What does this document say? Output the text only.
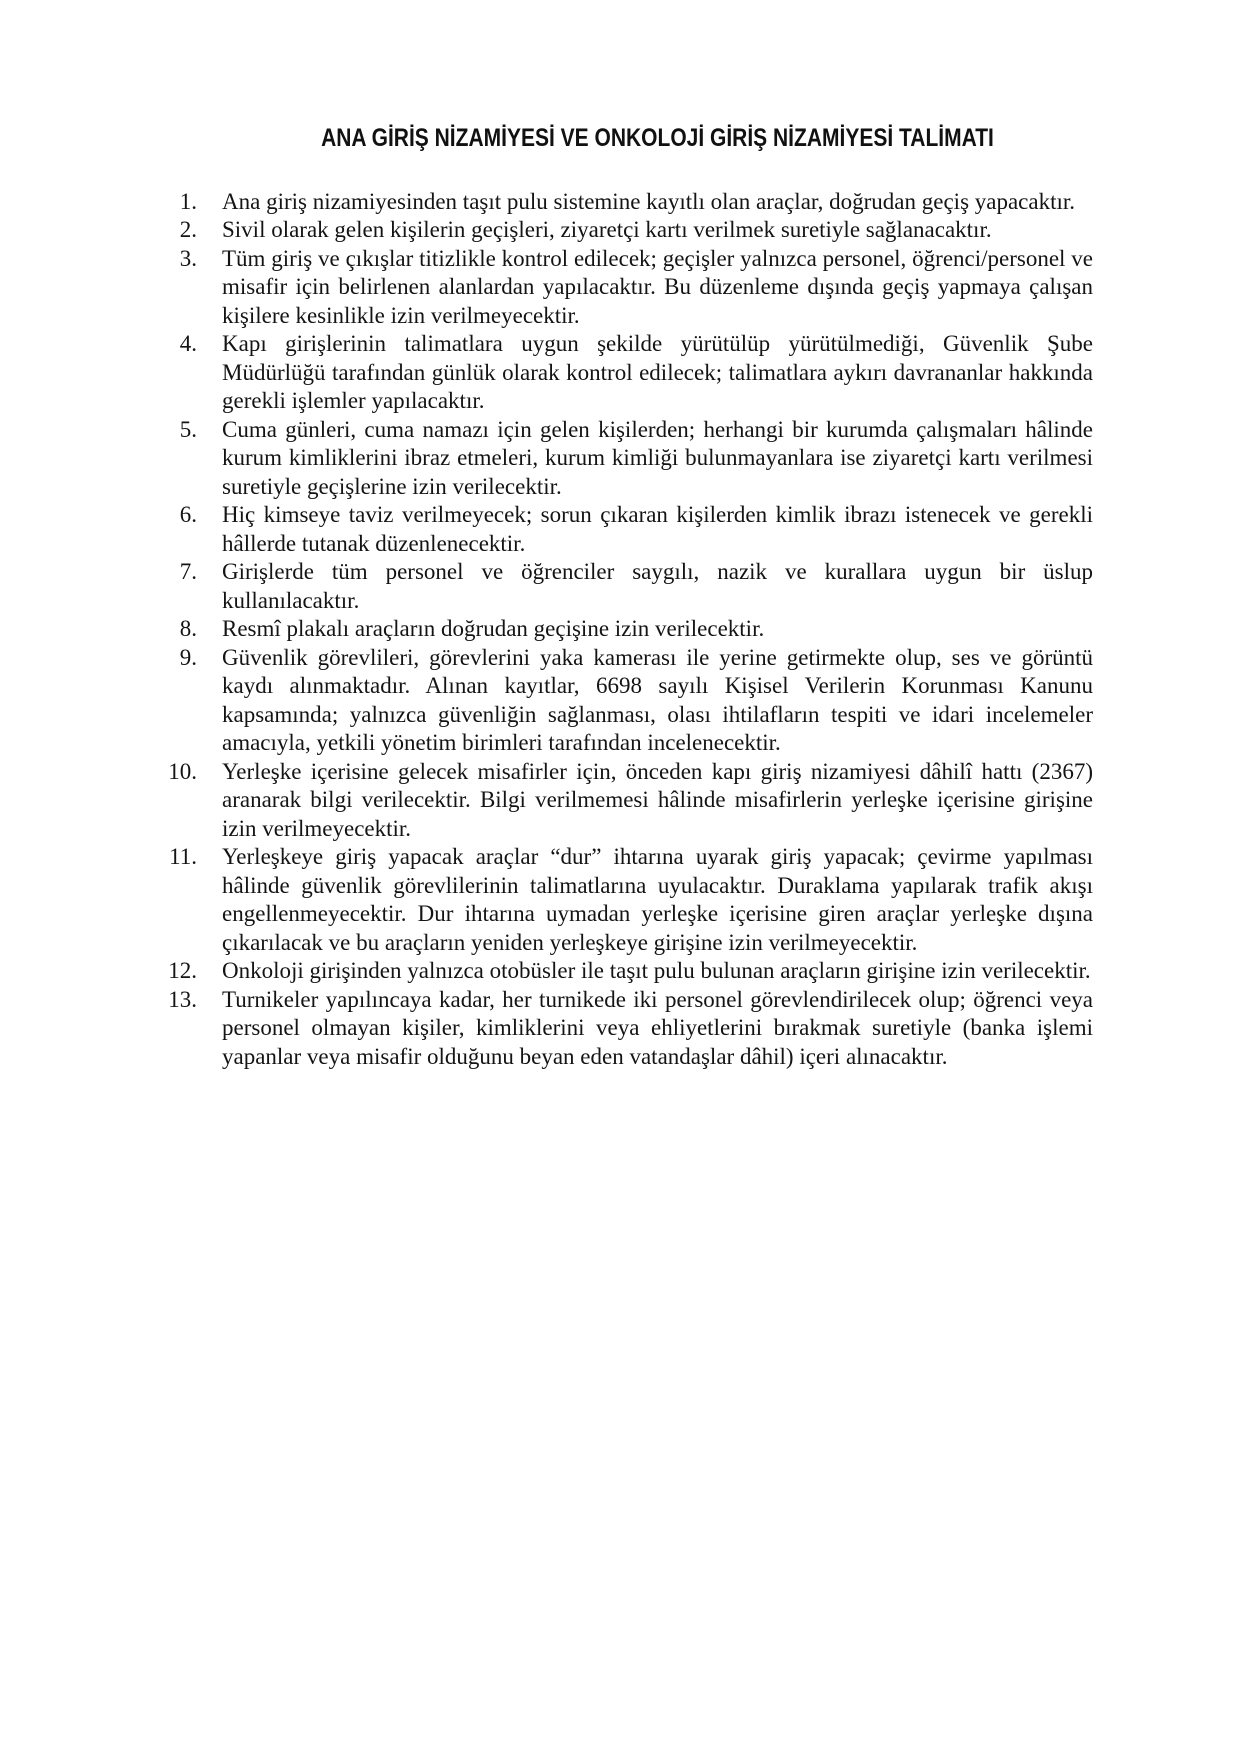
ANA GİRİŞ NİZAMİYESİ VE ONKOLOJİ GİRİŞ NİZAMİYESİ TALİMATI
1.	Ana giriş nizamiyesinden taşıt pulu sistemine kayıtlı olan araçlar, doğrudan geçiş yapacaktır.
2.	Sivil olarak gelen kişilerin geçişleri, ziyaretçi kartı verilmek suretiyle sağlanacaktır.
3.	Tüm giriş ve çıkışlar titizlikle kontrol edilecek; geçişler yalnızca personel, öğrenci/personel ve misafir için belirlenen alanlardan yapılacaktır. Bu düzenleme dışında geçiş yapmaya çalışan kişilere kesinlikle izin verilmeyecektir.
4.	Kapı girişlerinin talimatlara uygun şekilde yürütülüp yürütülmediği, Güvenlik Şube Müdürlüğü tarafından günlük olarak kontrol edilecek; talimatlara aykırı davrananlar hakkında gerekli işlemler yapılacaktır.
5.	Cuma günleri, cuma namazı için gelen kişilerden; herhangi bir kurumda çalışmaları hâlinde kurum kimliklerini ibraz etmeleri, kurum kimliği bulunmayanlara ise ziyaretçi kartı verilmesi suretiyle geçişlerine izin verilecektir.
6.	Hiç kimseye taviz verilmeyecek; sorun çıkaran kişilerden kimlik ibrazı istenecek ve gerekli hâllerde tutanak düzenlenecektir.
7.	Girişlerde tüm personel ve öğrenciler saygılı, nazik ve kurallara uygun bir üslup kullanılacaktır.
8.	Resmî plakalı araçların doğrudan geçişine izin verilecektir.
9.	Güvenlik görevlileri, görevlerini yaka kamerası ile yerine getirmekte olup, ses ve görüntü kaydı alınmaktadır. Alınan kayıtlar, 6698 sayılı Kişisel Verilerin Korunması Kanunu kapsamında; yalnızca güvenliğin sağlanması, olası ihtilafların tespiti ve idari incelemeler amacıyla, yetkili yönetim birimleri tarafından incelenecektir.
10.	Yerleşke içerisine gelecek misafirler için, önceden kapı giriş nizamiyesi dâhilî hattı (2367) aranarak bilgi verilecektir. Bilgi verilmemesi hâlinde misafirlerin yerleşke içerisine girişine izin verilmeyecektir.
11.	Yerleşkeye giriş yapacak araçlar “dur” ihtarına uyarak giriş yapacak; çevirme yapılması hâlinde güvenlik görevlilerinin talimatlarına uyulacaktır. Duraklama yapılarak trafik akışı engellenmeyecektir. Dur ihtarına uymadan yerleşke içerisine giren araçlar yerleşke dışına çıkarılacak ve bu araçların yeniden yerleşkeye girişine izin verilmeyecektir.
12.	Onkoloji girişinden yalnızca otobüsler ile taşıt pulu bulunan araçların girişine izin verilecektir.
13.	Turnikeler yapılıncaya kadar, her turnikede iki personel görevlendirilecek olup; öğrenci veya personel olmayan kişiler, kimliklerini veya ehliyetlerini bırakmak suretiyle (banka işlemi yapanlar veya misafir olduğunu beyan eden vatandaşlar dâhil) içeri alınacaktır.
